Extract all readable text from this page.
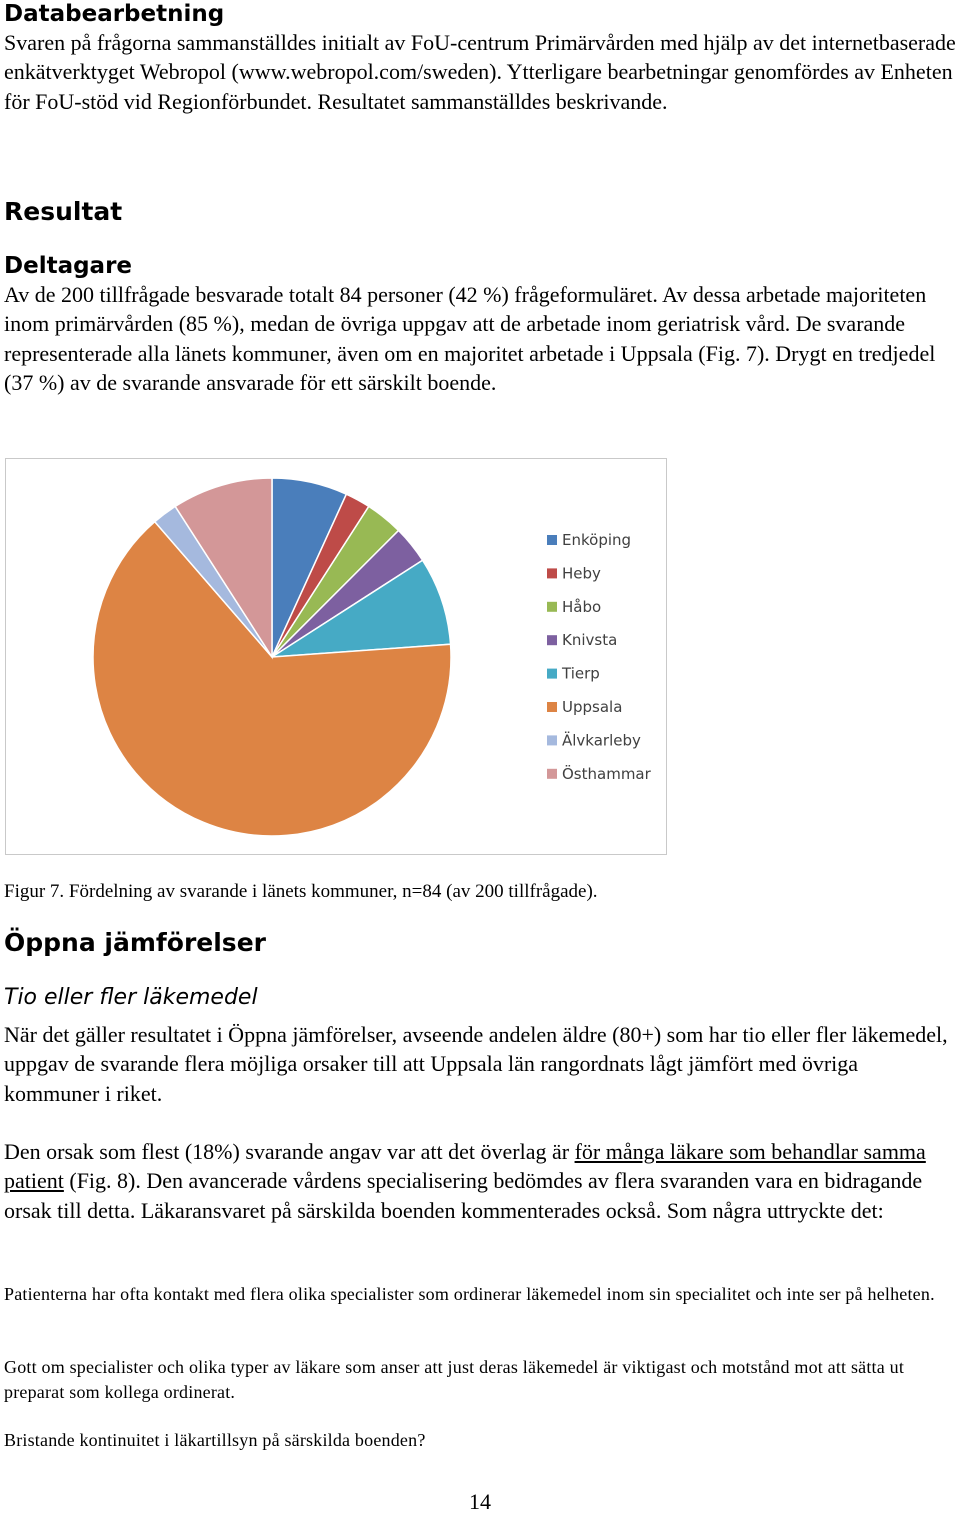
Databearbetning

Svaren på frågorna sammanställdes initialt av FoU-centrum Primärvården med hjälp av det internetbaserade enkätverktyget Webropol (www.webropol.com/sweden). Ytterligare bearbetningar genomfördes av Enheten för FoU-stöd vid Regionförbundet. Resultatet sammanställdes beskrivande.

Resultat
Deltagare

Av de 200 tillfrågade besvarade totalt 84 personer (42 %) frågeformuläret. Av dessa arbetade majoriteten inom primärvården (85 %), medan de övriga uppgav att de arbetade inom geriatrisk vård. De svarande representerade alla länets kommuner, även om en majoritet arbetade i Uppsala (Fig. 7). Drygt en tredjedel (37 %) av de svarande ansvarade för ett särskilt boende.

Enköping
Heby
Håbo
Knivsta
Tierp
Uppsala
Älvkarleby
Östhammar
Figur 7. Fördelning av svarande i länets kommuner, n=84 (av 200 tillfrågade).
Öppna jämförelser
Tio eller fler läkemedel

När det gäller resultatet i Öppna jämförelser, avseende andelen äldre (80+) som har tio eller fler läkemedel, uppgav de svarande flera möjliga orsaker till att Uppsala län rangordnats lågt jämfört med övriga kommuner i riket.

Den orsak som flest (18%) svarande angav var att det överlag är för många läkare som behandlar samma patient (Fig. 8). Den avancerade vårdens specialisering bedömdes av flera svaranden vara en bidragande orsak till detta. Läkaransvaret på särskilda boenden kommenterades också. Som några uttryckte det:

Patienterna har ofta kontakt med flera olika specialister som ordinerar läkemedel inom sin specialitet och inte ser på helheten.

Gott om specialister och olika typer av läkare som anser att just deras läkemedel är viktigast och motstånd mot att sätta ut preparat som kollega ordinerat.

Bristande kontinuitet i läkartillsyn på särskilda boenden?

14
